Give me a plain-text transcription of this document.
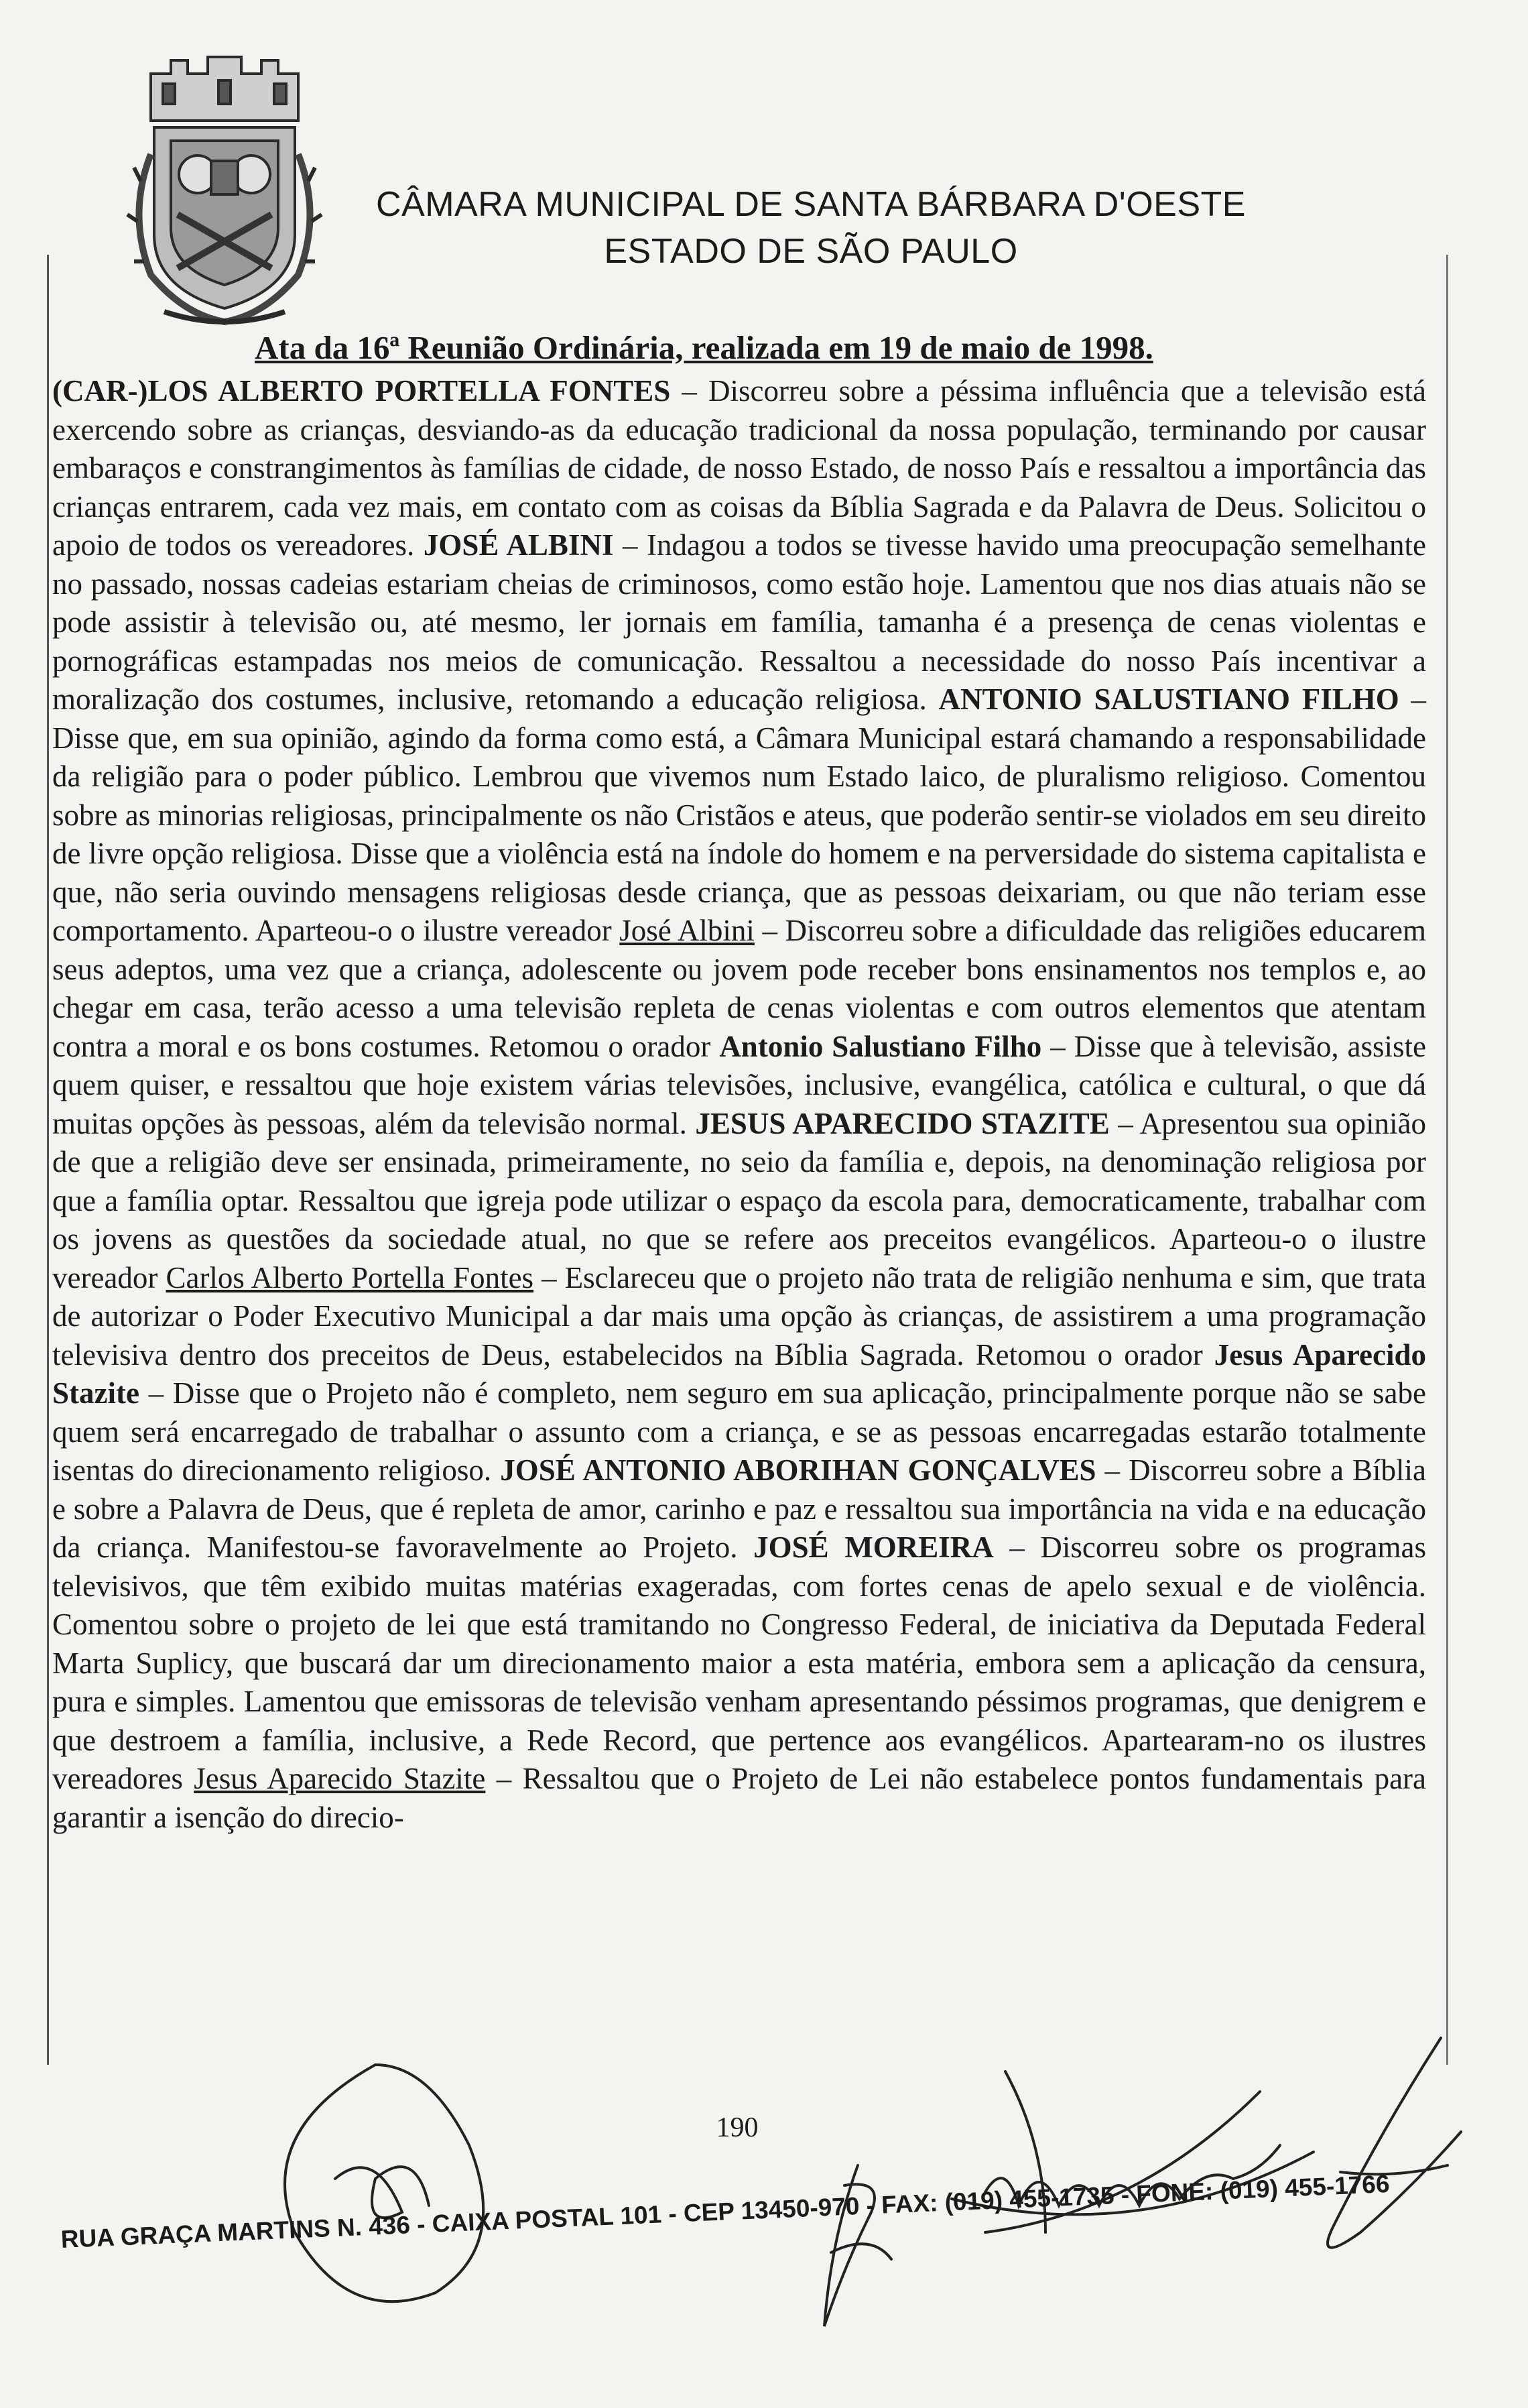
CÂMARA MUNICIPAL DE SANTA BÁRBARA D'OESTE
ESTADO DE SÃO PAULO
Ata da 16ª Reunião Ordinária, realizada em 19 de maio de 1998.

(CAR-)LOS ALBERTO PORTELLA FONTES – Discorreu sobre a péssima influência que a televisão está exercendo sobre as crianças, desviando-as da educação tradicional da nossa população, terminando por causar embaraços e constrangimentos às famílias de cidade, de nosso Estado, de nosso País e ressaltou a importância das crianças entrarem, cada vez mais, em contato com as coisas da Bíblia Sagrada e da Palavra de Deus. Solicitou o apoio de todos os vereadores. JOSÉ ALBINI – Indagou a todos se tivesse havido uma preocupação semelhante no passado, nossas cadeias estariam cheias de criminosos, como estão hoje. Lamentou que nos dias atuais não se pode assistir à televisão ou, até mesmo, ler jornais em família, tamanha é a presença de cenas violentas e pornográficas estampadas nos meios de comunicação. Ressaltou a necessidade do nosso País incentivar a moralização dos costumes, inclusive, retomando a educação religiosa. ANTONIO SALUSTIANO FILHO – Disse que, em sua opinião, agindo da forma como está, a Câmara Municipal estará chamando a responsabilidade da religião para o poder público. Lembrou que vivemos num Estado laico, de pluralismo religioso. Comentou sobre as minorias religiosas, principalmente os não Cristãos e ateus, que poderão sentir-se violados em seu direito de livre opção religiosa. Disse que a violência está na índole do homem e na perversidade do sistema capitalista e que, não seria ouvindo mensagens religiosas desde criança, que as pessoas deixariam, ou que não teriam esse comportamento. Aparteou-o o ilustre vereador José Albini – Discorreu sobre a dificuldade das religiões educarem seus adeptos, uma vez que a criança, adolescente ou jovem pode receber bons ensinamentos nos templos e, ao chegar em casa, terão acesso a uma televisão repleta de cenas violentas e com outros elementos que atentam contra a moral e os bons costumes. Retomou o orador Antonio Salustiano Filho – Disse que à televisão, assiste quem quiser, e ressaltou que hoje existem várias televisões, inclusive, evangélica, católica e cultural, o que dá muitas opções às pessoas, além da televisão normal. JESUS APARECIDO STAZITE – Apresentou sua opinião de que a religião deve ser ensinada, primeiramente, no seio da família e, depois, na denominação religiosa por que a família optar. Ressaltou que igreja pode utilizar o espaço da escola para, democraticamente, trabalhar com os jovens as questões da sociedade atual, no que se refere aos preceitos evangélicos. Aparteou-o o ilustre vereador Carlos Alberto Portella Fontes – Esclareceu que o projeto não trata de religião nenhuma e sim, que trata de autorizar o Poder Executivo Municipal a dar mais uma opção às crianças, de assistirem a uma programação televisiva dentro dos preceitos de Deus, estabelecidos na Bíblia Sagrada. Retomou o orador Jesus Aparecido Stazite – Disse que o Projeto não é completo, nem seguro em sua aplicação, principalmente porque não se sabe quem será encarregado de trabalhar o assunto com a criança, e se as pessoas encarregadas estarão totalmente isentas do direcionamento religioso. JOSÉ ANTONIO ABORIHAN GONÇALVES – Discorreu sobre a Bíblia e sobre a Palavra de Deus, que é repleta de amor, carinho e paz e ressaltou sua importância na vida e na educação da criança. Manifestou-se favoravelmente ao Projeto. JOSÉ MOREIRA – Discorreu sobre os programas televisivos, que têm exibido muitas matérias exageradas, com fortes cenas de apelo sexual e de violência. Comentou sobre o projeto de lei que está tramitando no Congresso Federal, de iniciativa da Deputada Federal Marta Suplicy, que buscará dar um direcionamento maior a esta matéria, embora sem a aplicação da censura, pura e simples. Lamentou que emissoras de televisão venham apresentando péssimos programas, que denigrem e que destroem a família, inclusive, a Rede Record, que pertence aos evangélicos. Apartearam-no os ilustres vereadores Jesus Aparecido Stazite – Ressaltou que o Projeto de Lei não estabelece pontos fundamentais para garantir a isenção do direcio-

190
RUA GRAÇA MARTINS N. 436 - CAIXA POSTAL 101 - CEP 13450-970 - FAX: (019) 455-1735 - FONE: (019) 455-1766
